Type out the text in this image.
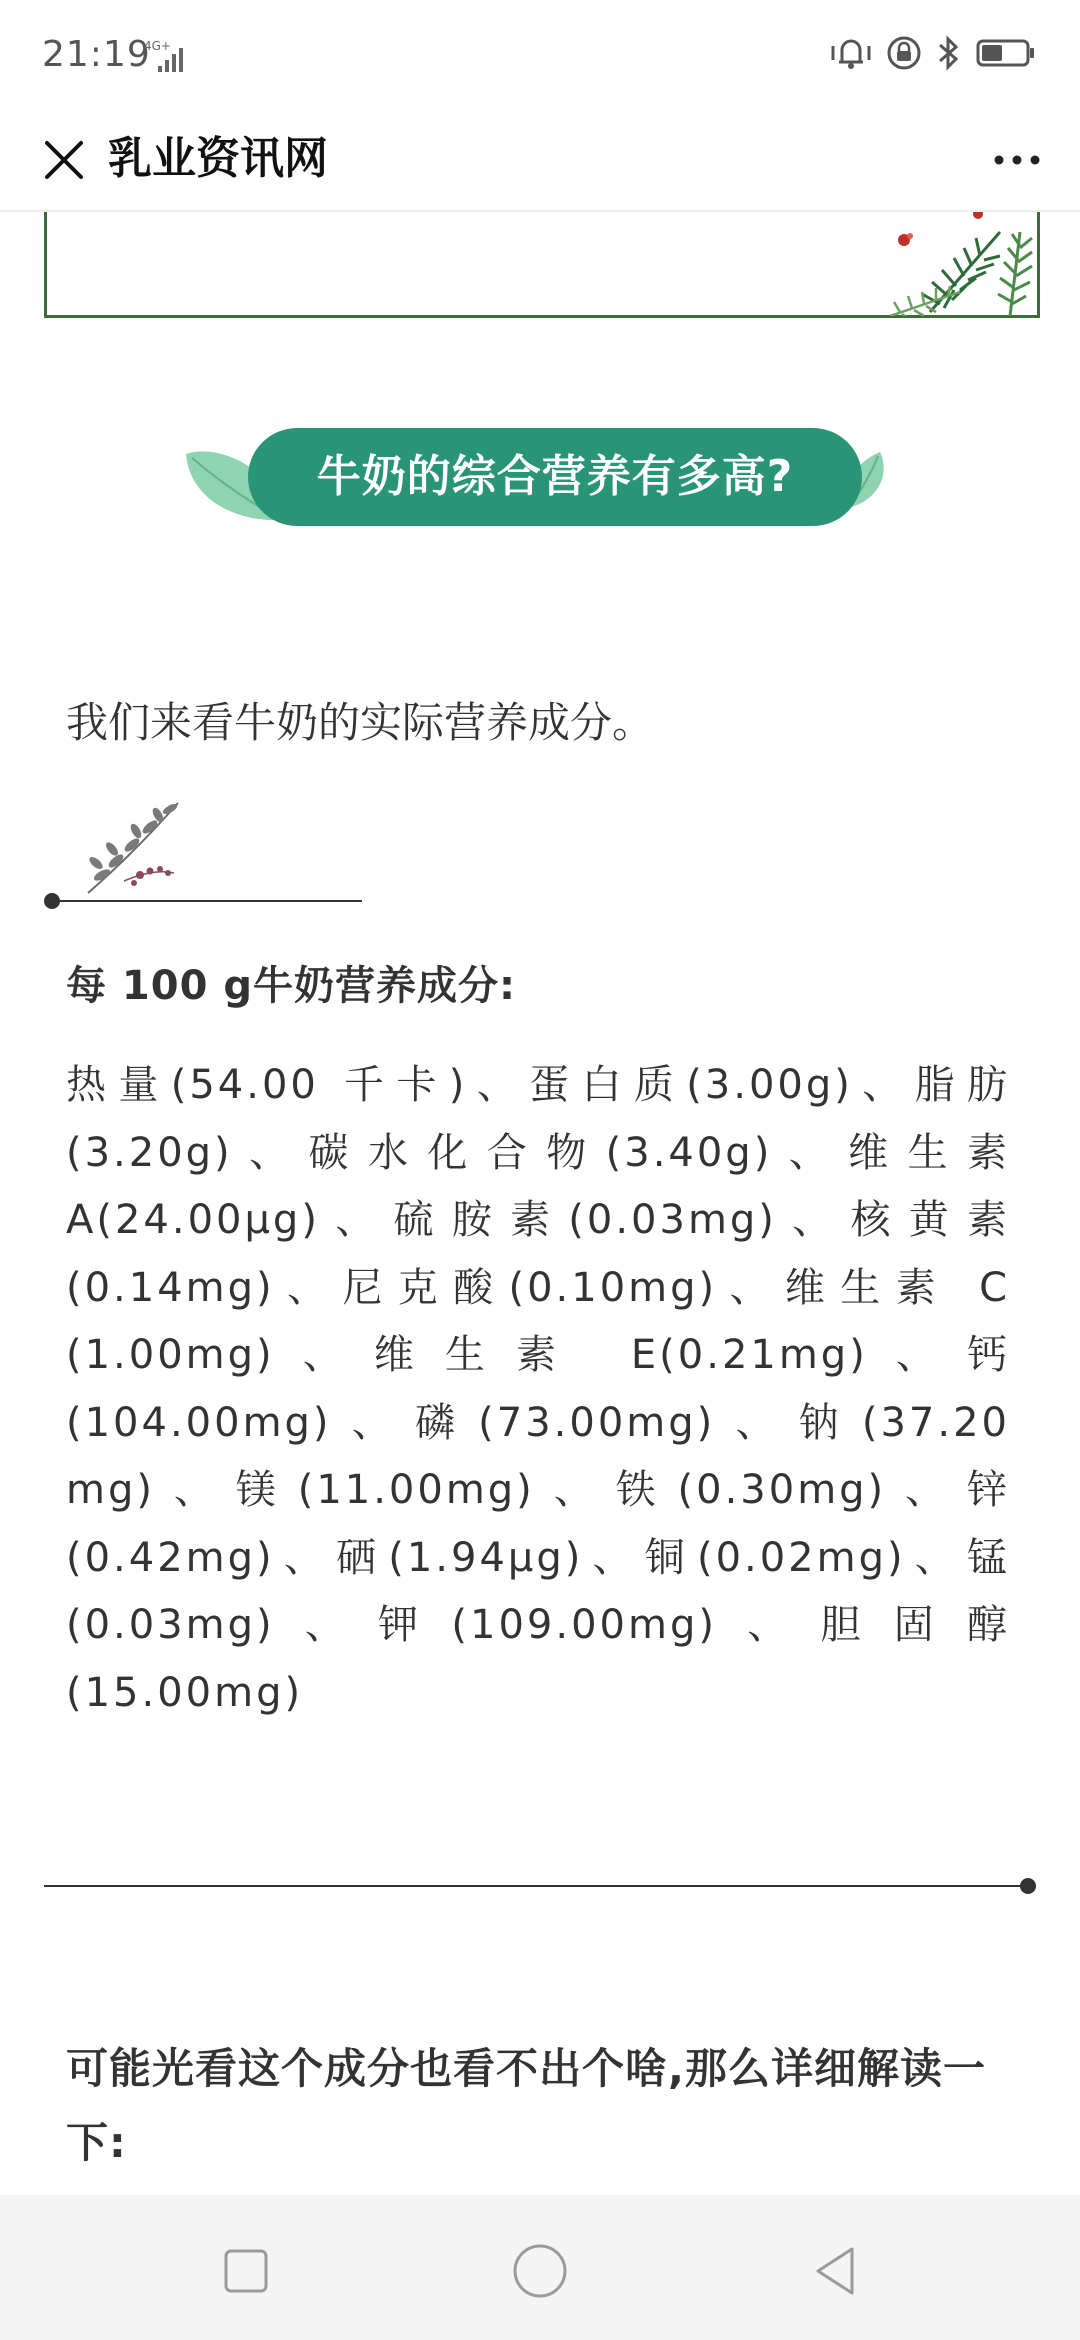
21:19
4G+
乳业资讯网
牛奶的综合营养有多高?
我们来看牛奶的实际营养成分。
每 100 g牛奶营养成分:

热量(54.00 千卡)、蛋白质(3.00g)、脂肪(3.20g)、碳水化合物(3.40g)、维生素 A(24.00μg)、硫胺素(0.03mg)、核黄素(0.14mg)、尼克酸(0.10mg)、维生素 C (1.00mg)、维生素 E(0.21mg)、钙(104.00mg)、磷(73.00mg)、钠(37.20 mg)、镁(11.00mg)、铁(0.30mg)、锌(0.42mg)、硒(1.94μg)、铜(0.02mg)、锰(0.03mg)、钾(109.00mg)、胆固醇(15.00mg)

可能光看这个成分也看不出个啥,那么详细解读一下:
